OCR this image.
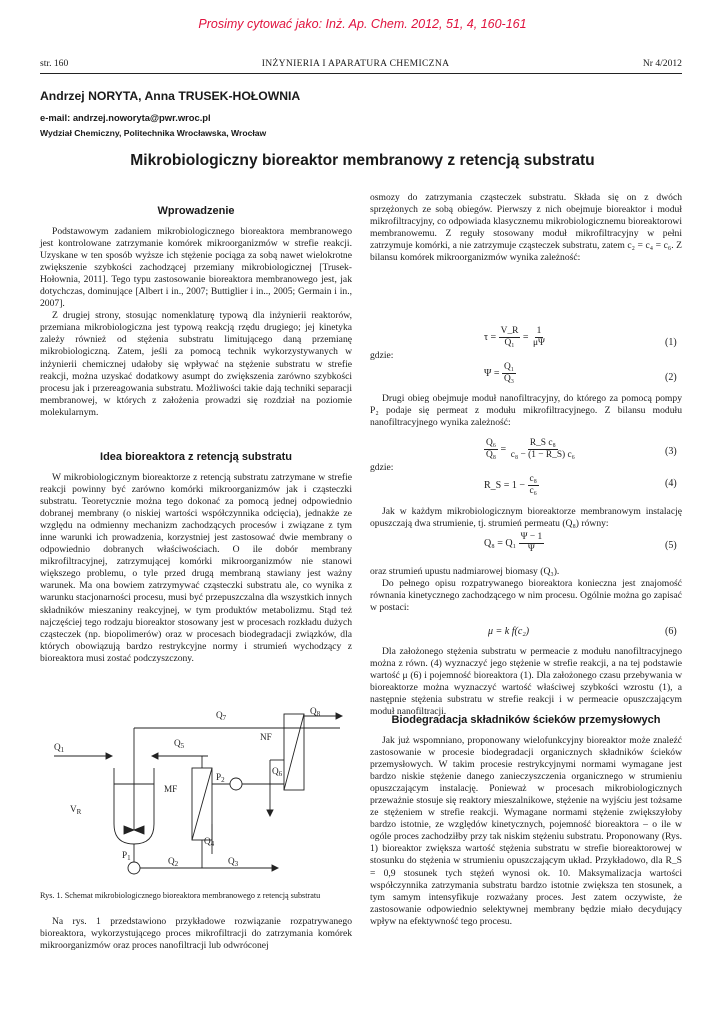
Prosimy cytować jako: Inż. Ap. Chem. 2012, 51, 4, 160-161
str. 160	INŻYNIERIA I APARATURA CHEMICZNA	Nr 4/2012
Andrzej NORYTA, Anna TRUSEK-HOŁOWNIA
e-mail: andrzej.noworyta@pwr.wroc.pl
Wydział Chemiczny, Politechnika Wrocławska, Wrocław
Mikrobiologiczny bioreaktor membranowy z retencją substratu
Wprowadzenie

Podstawowym zadaniem mikrobiologicznego bioreaktora membranowego jest kontrolowane zatrzymanie komórek mikroorganizmów w strefie reakcji. Uzyskane w ten sposób wyższe ich stężenie pociąga za sobą nawet wielokrotne zwiększenie szybkości zachodzącej przemiany mikrobiologicznej [Trusek-Hołownia, 2011]. Tego typu zastosowanie bioreaktora membranowego jest, jak dotychczas, dominujące [Albert i in., 2007; Buttiglier i in.., 2005; Germain i in., 2007].

Z drugiej strony, stosując nomenklaturę typową dla inżynierii reaktorów, przemiana mikrobiologiczna jest typową reakcją rzędu drugiego; jej kinetyka zależy również od stężenia substratu limitującego daną przemianę mikrobiologiczną. Zatem, jeśli za pomocą technik wykorzystywanych w inżynierii chemicznej udałoby się wpływać na stężenie substratu w strefie reakcji, można uzyskać dodatkowy asumpt do zwiększenia zarówno szybkości procesu jak i przereagowania substratu. Możliwości takie dają techniki separacji membranowej, w których z założenia prowadzi się rozdział na poziomie molekularnym.

Idea bioreaktora z retencją substratu

W mikrobiologicznym bioreaktorze z retencją substratu zatrzymane w strefie reakcji powinny być zarówno komórki mikroorganizmów jak i cząsteczki substratu. Teoretycznie można tego dokonać za pomocą jednej odpowiednio dobranej membrany (o niskiej wartości współczynnika odcięcia), jednakże ze względu na odmienny mechanizm zachodzących procesów i związane z tym inne warunki ich prowadzenia, korzystniej jest zastosować dwie membrany o odpowiednio dobranych właściwościach. O ile dobór membrany mikrofiltracyjnej, zatrzymującej komórki mikroorganizmów nie stanowi większego problemu, o tyle przed drugą membraną stawiany jest ważny warunek. Ma ona bowiem zatrzymywać cząsteczki substratu ale, co wynika z warunku stacjonarności procesu, musi być przepuszczalna dla wszystkich innych składników mieszaniny reakcyjnej, w tym produktów metabolizmu. Stąd też najczęściej tego rodzaju bioreaktor stosowany jest w procesach rozkładu dużych cząsteczek (np. biopolimerów) oraz w procesach biodegradacji związków, dla których obowiązują bardzo restrykcyjne normy i strumień wychodzący z bioreaktora musi zostać podczyszczony.

$Q_1$
$Q_7$
$Q_8$
$Q_5$
NF
$P_2$
$Q_6$
MF
$V_R$
$Q_4$
$P_1$	$Q_2$	$Q_3$
Rys. 1. Schemat mikrobiologicznego bioreaktora membranowego z retencją substratu

Na rys. 1 przedstawiono przykładowe rozwiązanie rozpatrywanego bioreaktora, wykorzystującego proces mikrofiltracji do zatrzymania komórek mikroorganizmów oraz proces nanofiltracji lub odwróconej

osmozy do zatrzymania cząsteczek substratu. Składa się on z dwóch sprzężonych ze sobą obiegów. Pierwszy z nich obejmuje bioreaktor i moduł mikrofiltracyjny, co odpowiada klasycznemu mikrobiologicznemu bioreaktorowi membranowemu. Z reguły stosowany moduł mikrofiltracyjny w pełni zatrzymuje komórki, a nie zatrzymuje cząsteczek substratu, zatem c₂ = c₄ = c₆. Z bilansu komórek mikroorganizmów wynika zależność:

τ =
$\frac{V\_R}{\text{Q₁}} = \frac{1}{\mu\Psi}$	(1)
gdzie:
Ψ =
$\frac{\text{Q₁}}{\text{Q₃}}$	(2)

Drugi obieg obejmuje moduł nanofiltracyjny, do którego za pomocą pompy P₂ podaje się permeat z modułu mikrofiltracyjnego. Z bilansu modułu nanofiltracyjnego wynika zależność:

$\frac{\text{Q₆}}{\text{Q₈}} = \frac{\text{R\_S c₈}}{\text{c₈ − (1 − R\_S) c₆}}$	(3)
gdzie:
R_S = 1 −
$\frac{\text{c₈}}{\text{c₆}}$	(4)

Jak w każdym mikrobiologicznym bioreaktorze membranowym instalację opuszczają dwa strumienie, tj. strumień permeatu (Q₈) równy:

Q₈ = Q₁
$\frac{\Psi - 1}{\Psi}$	(5)

oraz strumień upustu nadmiarowej biomasy (Q₃).

Do pełnego opisu rozpatrywanego bioreaktora konieczna jest znajomość równania kinetycznego zachodzącego w nim procesu. Ogólnie można go zapisać w postaci:

μ = k f(c₂)	(6)

Dla założonego stężenia substratu w permeacie z modułu nanofiltracyjnego można z równ. (4) wyznaczyć jego stężenie w strefie reakcji, a na tej podstawie wartość μ (6) i pojemność bioreaktora (1). Dla założonego czasu przebywania w bioreaktorze można wyznaczyć wartość właściwej szybkości wzrostu (1), a następnie stężenia substratu w strefie reakcji i w permeacie opuszczającym moduł nanofiltracji.

Biodegradacja składników ścieków przemysłowych

Jak już wspomniano, proponowany wielofunkcyjny bioreaktor może znaleźć zastosowanie w procesie biodegradacji organicznych składników ścieków przemysłowych. W takim procesie restrykcyjnymi normami wymagane jest bardzo niskie stężenie danego zanieczyszczenia organicznego w strumieniu opuszczającym instalację. Ponieważ w procesach mikrobiologicznych przeważnie stosuje się reaktory mieszalnikowe, stężenie na wyjściu jest tożsame ze stężeniem w strefie reakcji. Wymagane normami stężenie zwiększyłoby bardzo istotnie, ze względów kinetycznych, pojemność bioreaktora – o ile w ogóle proces zachodziłby przy tak niskim stężeniu substratu. Proponowany (Rys. 1) bioreaktor zwiększa wartość stężenia substratu w strefie bioreaktorowej w stosunku do stężenia w strumieniu opuszczającym układ. Przykładowo, dla R_S = 0,9 stosunek tych stężeń wynosi ok. 10. Maksymalizacja wartości współczynnika zatrzymania substratu bardzo istotnie zwiększa ten stosunek, a tym samym intensyfikuje rozważany proces. Jest zatem oczywiste, że zastosowanie odpowiednio selektywnej membrany będzie miało decydujący wpływ na efektywność tego procesu.
